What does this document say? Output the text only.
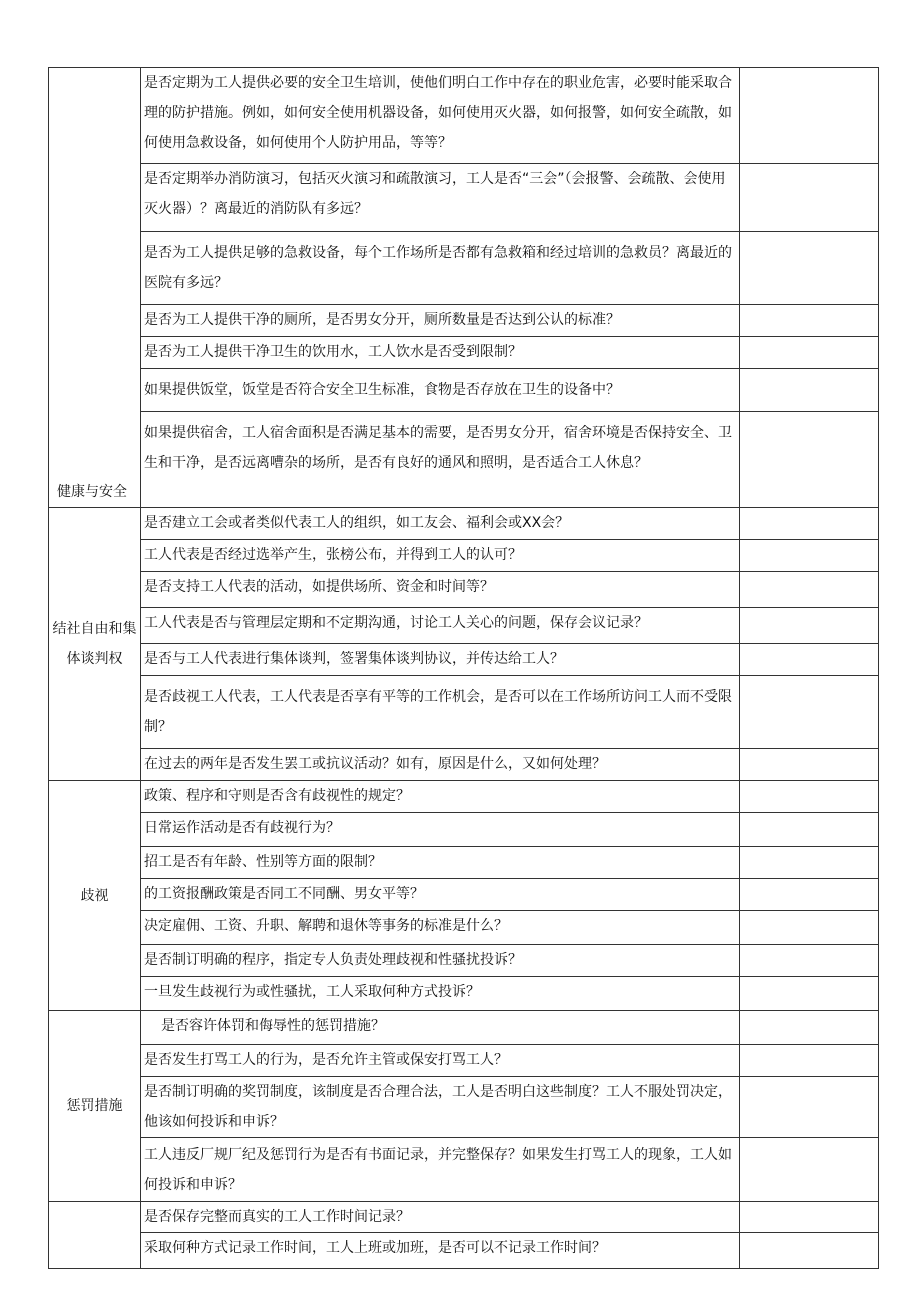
健康与安全	是否定期为工人提供必要的安全卫生培训，使他们明白工作中存在的职业危害，必要时能采取合理的防护措施。例如，如何安全使用机器设备，如何使用灭火器，如何报警，如何安全疏散，如何使用急救设备，如何使用个人防护用品，等等？	
	是否定期举办消防演习，包括灭火演习和疏散演习，工人是否“三会”（会报警、会疏散、会使用灭火器）？离最近的消防队有多远？	
	是否为工人提供足够的急救设备，每个工作场所是否都有急救箱和经过培训的急救员？离最近的医院有多远？	
	是否为工人提供干净的厕所，是否男女分开，厕所数量是否达到公认的标准？	
	是否为工人提供干净卫生的饮用水，工人饮水是否受到限制？	
	如果提供饭堂，饭堂是否符合安全卫生标准，食物是否存放在卫生的设备中？	
	如果提供宿舍，工人宿舍面积是否满足基本的需要，是否男女分开，宿舍环境是否保持安全、卫生和干净，是否远离嘈杂的场所，是否有良好的通风和照明，是否适合工人休息？	
结社自由和集体谈判权	是否建立工会或者类似代表工人的组织，如工友会、福利会或XX会？	
	工人代表是否经过选举产生，张榜公布，并得到工人的认可？	
	是否支持工人代表的活动，如提供场所、资金和时间等？	
	工人代表是否与管理层定期和不定期沟通，讨论工人关心的问题，保存会议记录？	
	是否与工人代表进行集体谈判，签署集体谈判协议，并传达给工人？	
	是否歧视工人代表，工人代表是否享有平等的工作机会，是否可以在工作场所访问工人而不受限制？	
	在过去的两年是否发生罢工或抗议活动？如有，原因是什么，又如何处理？	
歧视	政策、程序和守则是否含有歧视性的规定？	
	日常运作活动是否有歧视行为？	
	招工是否有年龄、性别等方面的限制？	
	的工资报酬政策是否同工不同酬、男女平等？	
	决定雇佣、工资、升职、解聘和退休等事务的标准是什么？	
	是否制订明确的程序，指定专人负责处理歧视和性骚扰投诉？	
	一旦发生歧视行为或性骚扰，工人采取何种方式投诉？	
惩罚措施	是否容许体罚和侮辱性的惩罚措施？	
	是否发生打骂工人的行为，是否允许主管或保安打骂工人？	
	是否制订明确的奖罚制度，该制度是否合理合法，工人是否明白这些制度？工人不服处罚决定，他该如何投诉和申诉？	
	工人违反厂规厂纪及惩罚行为是否有书面记录，并完整保存？如果发生打骂工人的现象，工人如何投诉和申诉？	
	是否保存完整而真实的工人工作时间记录？	
	采取何种方式记录工作时间，工人上班或加班，是否可以不记录工作时间？	
